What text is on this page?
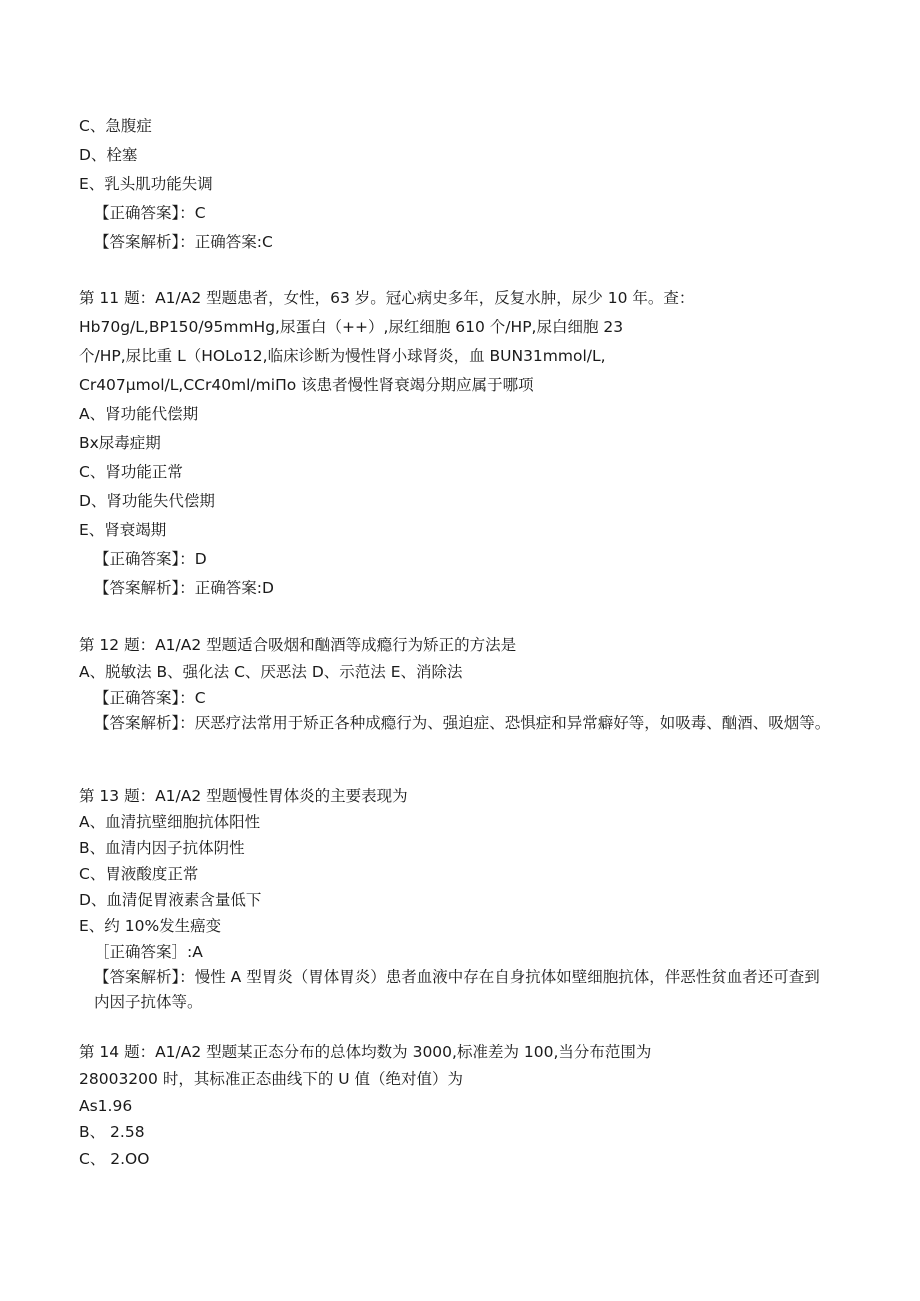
C、急腹症
D、栓塞
E、乳头肌功能失调
【正确答案】：C
【答案解析】：正确答案:C
第 11 题：A1/A2 型题患者，女性，63 岁。冠心病史多年，反复水肿，尿少 10 年。查：
Hb70g∕L,BP150∕95mmHg,尿蛋白（++）,尿红细胞 610 个/HP,尿白细胞 23
个/HP,尿比重 L（HOLo12,临床诊断为慢性肾小球肾炎，血 BUN31mmol∕L,
Cr407μmol∕L,CCr40ml∕miΠo 该患者慢性肾衰竭分期应属于哪项
A、肾功能代偿期
Bx尿毒症期
C、肾功能正常
D、肾功能失代偿期
E、肾衰竭期
【正确答案】：D
【答案解析】：正确答案:D
第 12 题：A1/A2 型题适合吸烟和酗酒等成瘾行为矫正的方法是
A、脱敏法 B、强化法 C、厌恶法 D、示范法 E、消除法
【正确答案】：C
【答案解析】：厌恶疗法常用于矫正各种成瘾行为、强迫症、恐惧症和异常癖好等，如吸毒、酗酒、吸烟等。
第 13 题：A1/A2 型题慢性胃体炎的主要表现为
A、血清抗壁细胞抗体阳性
B、血清内因子抗体阴性
C、胃液酸度正常
D、血清促胃液素含量低下
E、约 10%发生癌变
［正确答案］:A
【答案解析】：慢性 A 型胃炎（胃体胃炎）患者血液中存在自身抗体如壁细胞抗体，伴恶性贫血者还可查到内因子抗体等。
第 14 题：A1/A2 型题某正态分布的总体均数为 3000,标准差为 100,当分布范围为
28003200 时，其标准正态曲线下的 U 值（绝对值）为
As1.96
B、 2.58
C、 2.OO
